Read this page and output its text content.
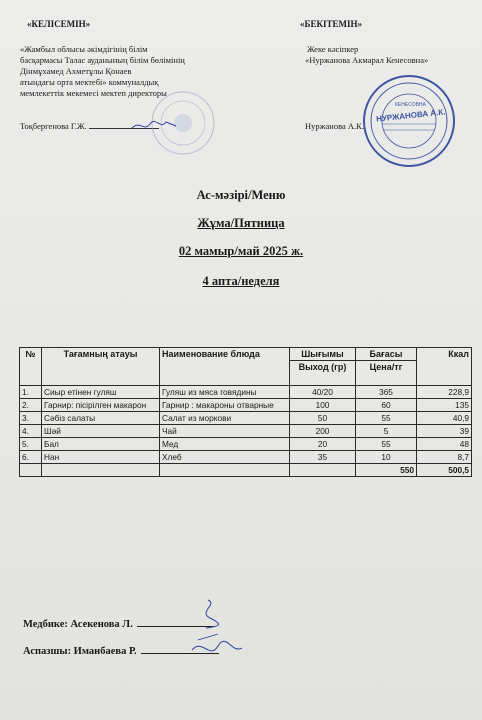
«КЕЛІСЕМІН»
«Жамбыл облысы әкімдігінің білім
басқармасы Талас ауданының білім бөлімінің
Дінмұхамед Ахметұлы Қонаев
атындағы орта мектебі» коммуналдық
мемлекеттік мекемесі мектеп директоры
Тоқбергенова Г.Ж.
«БЕКІТЕМІН»
Жеке кәсіпкер
«Нуржанова Акмарал Кенесовна»
Нуржанова А.К.
КЕНЕСОВНА
НУРЖАНОВА А.К.
Ас-мәзірі/Меню
Жұма/Пятница
02 мамыр/май 2025 ж.
4 апта/неделя
№	Тағамның атауы	Наименование блюда	Шығымы	Бағасы	Ккал
			Выход (гр)	Цена/тг	
1.	Сиыр етінен гуляш	Гуляш из мяса говядины	40/20	365	228,9
2.	Гарнир: пісірілген макарон	Гарнир : макароны отварные	100	60	135
3.	Сәбіз салаты	Салат из моркови	50	55	40,9
4.	Шәй	Чай	200	5	39
5.	Бал	Мед	20	55	48
6.	Нан	Хлеб	35	10	8,7
				550	500,5
Медбике: Асекенова Л.
Аспазшы: Иманбаева Р.
